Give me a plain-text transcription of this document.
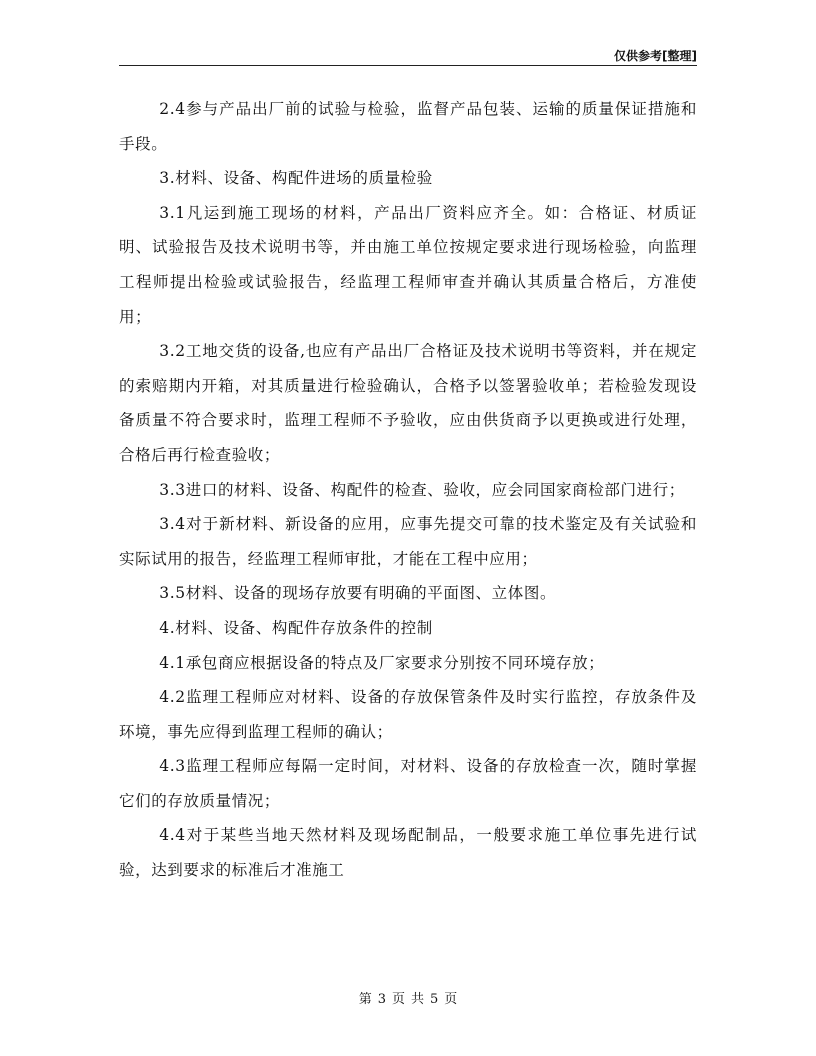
仅供参考[整理]

2.4参与产品出厂前的试验与检验，监督产品包装、运输的质量保证措施和手段。

3.材料、设备、构配件进场的质量检验

3.1凡运到施工现场的材料，产品出厂资料应齐全。如：合格证、材质证明、试验报告及技术说明书等，并由施工单位按规定要求进行现场检验，向监理工程师提出检验或试验报告，经监理工程师审查并确认其质量合格后，方准使用；

3.2工地交货的设备,也应有产品出厂合格证及技术说明书等资料，并在规定的索赔期内开箱，对其质量进行检验确认，合格予以签署验收单；若检验发现设备质量不符合要求时，监理工程师不予验收，应由供货商予以更换或进行处理，合格后再行检查验收；

3.3进口的材料、设备、构配件的检查、验收，应会同国家商检部门进行；

3.4对于新材料、新设备的应用，应事先提交可靠的技术鉴定及有关试验和实际试用的报告，经监理工程师审批，才能在工程中应用；

3.5材料、设备的现场存放要有明确的平面图、立体图。

4.材料、设备、构配件存放条件的控制

4.1承包商应根据设备的特点及厂家要求分别按不同环境存放；

4.2监理工程师应对材料、设备的存放保管条件及时实行监控，存放条件及环境，事先应得到监理工程师的确认；

4.3监理工程师应每隔一定时间，对材料、设备的存放检查一次，随时掌握它们的存放质量情况；

4.4对于某些当地天然材料及现场配制品，一般要求施工单位事先进行试验，达到要求的标准后才准施工

第 3 页 共 5 页
